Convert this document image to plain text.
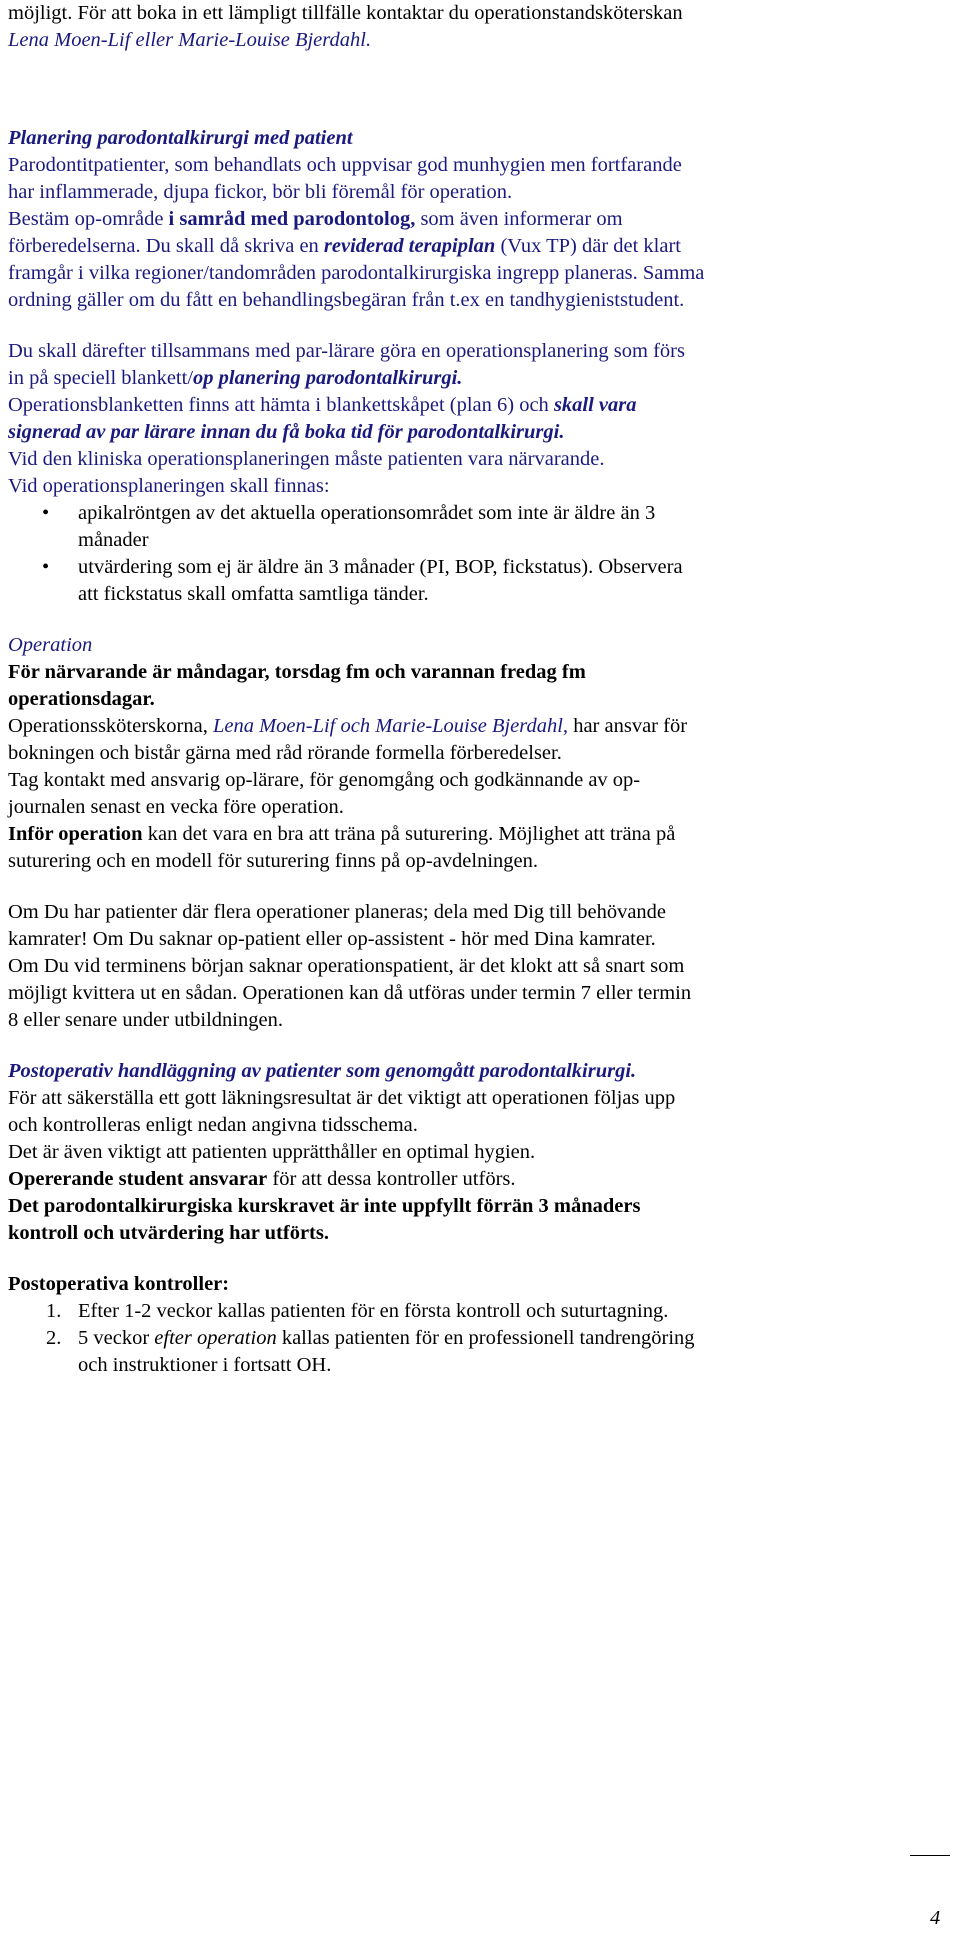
möjligt. För att boka in ett lämpligt tillfälle kontaktar du operationstandsköterskan
Lena Moen-Lif eller Marie-Louise Bjerdahl.
Planering parodontalkirurgi med patient
Parodontitpatienter, som behandlats och uppvisar god munhygien men fortfarande
har inflammerade, djupa fickor, bör bli föremål för operation.
Bestäm op-område i samråd med parodontolog, som även informerar om
förberedelserna. Du skall då skriva en reviderad terapiplan (Vux TP) där det klart
framgår i vilka regioner/tandområden parodontalkirurgiska ingrepp planeras. Samma
ordning gäller om du fått en behandlingsbegäran från t.ex en tandhygieniststudent.
Du skall därefter tillsammans med par-lärare göra en operationsplanering som förs
in på speciell blankett/op planering parodontalkirurgi.
Operationsblanketten finns att hämta i blankettskåpet (plan 6) och skall vara
signerad av par lärare innan du få boka tid för parodontalkirurgi.
Vid den kliniska operationsplaneringen måste patienten vara närvarande.
Vid operationsplaneringen skall finnas:
• apikalröntgen av det aktuella operationsområdet som inte är äldre än 3
månader
• utvärdering som ej är äldre än 3 månader (PI, BOP, fickstatus). Observera
att fickstatus skall omfatta samtliga tänder.
Operation
För närvarande är måndagar, torsdag fm och varannan fredag fm
operationsdagar.
Operationssköterskorna, Lena Moen-Lif och Marie-Louise Bjerdahl, har ansvar för
bokningen och bistår gärna med råd rörande formella förberedelser.
Tag kontakt med ansvarig op-lärare, för genomgång och godkännande av op-
journalen senast en vecka före operation.
Inför operation kan det vara en bra att träna på suturering. Möjlighet att träna på
suturering och en modell för suturering finns på op-avdelningen.
Om Du har patienter där flera operationer planeras; dela med Dig till behövande
kamrater! Om Du saknar op-patient eller op-assistent - hör med Dina kamrater.
Om Du vid terminens början saknar operationspatient, är det klokt att så snart som
möjligt kvittera ut en sådan. Operationen kan då utföras under termin 7 eller termin
8 eller senare under utbildningen.
Postoperativ handläggning av patienter som genomgått parodontalkirurgi.
För att säkerställa ett gott läkningsresultat är det viktigt att operationen följas upp
och kontrolleras enligt nedan angivna tidsschema.
Det är även viktigt att patienten upprätthåller en optimal hygien.
Opererande student ansvarar för att dessa kontroller utförs.
Det parodontalkirurgiska kurskravet är inte uppfyllt förrän 3 månaders
kontroll och utvärdering har utförts.
Postoperativa kontroller:
1. Efter 1-2 veckor kallas patienten för en första kontroll och suturtagning.
2. 5 veckor efter operation kallas patienten för en professionell tandrengöring
och instruktioner i fortsatt OH.
4
